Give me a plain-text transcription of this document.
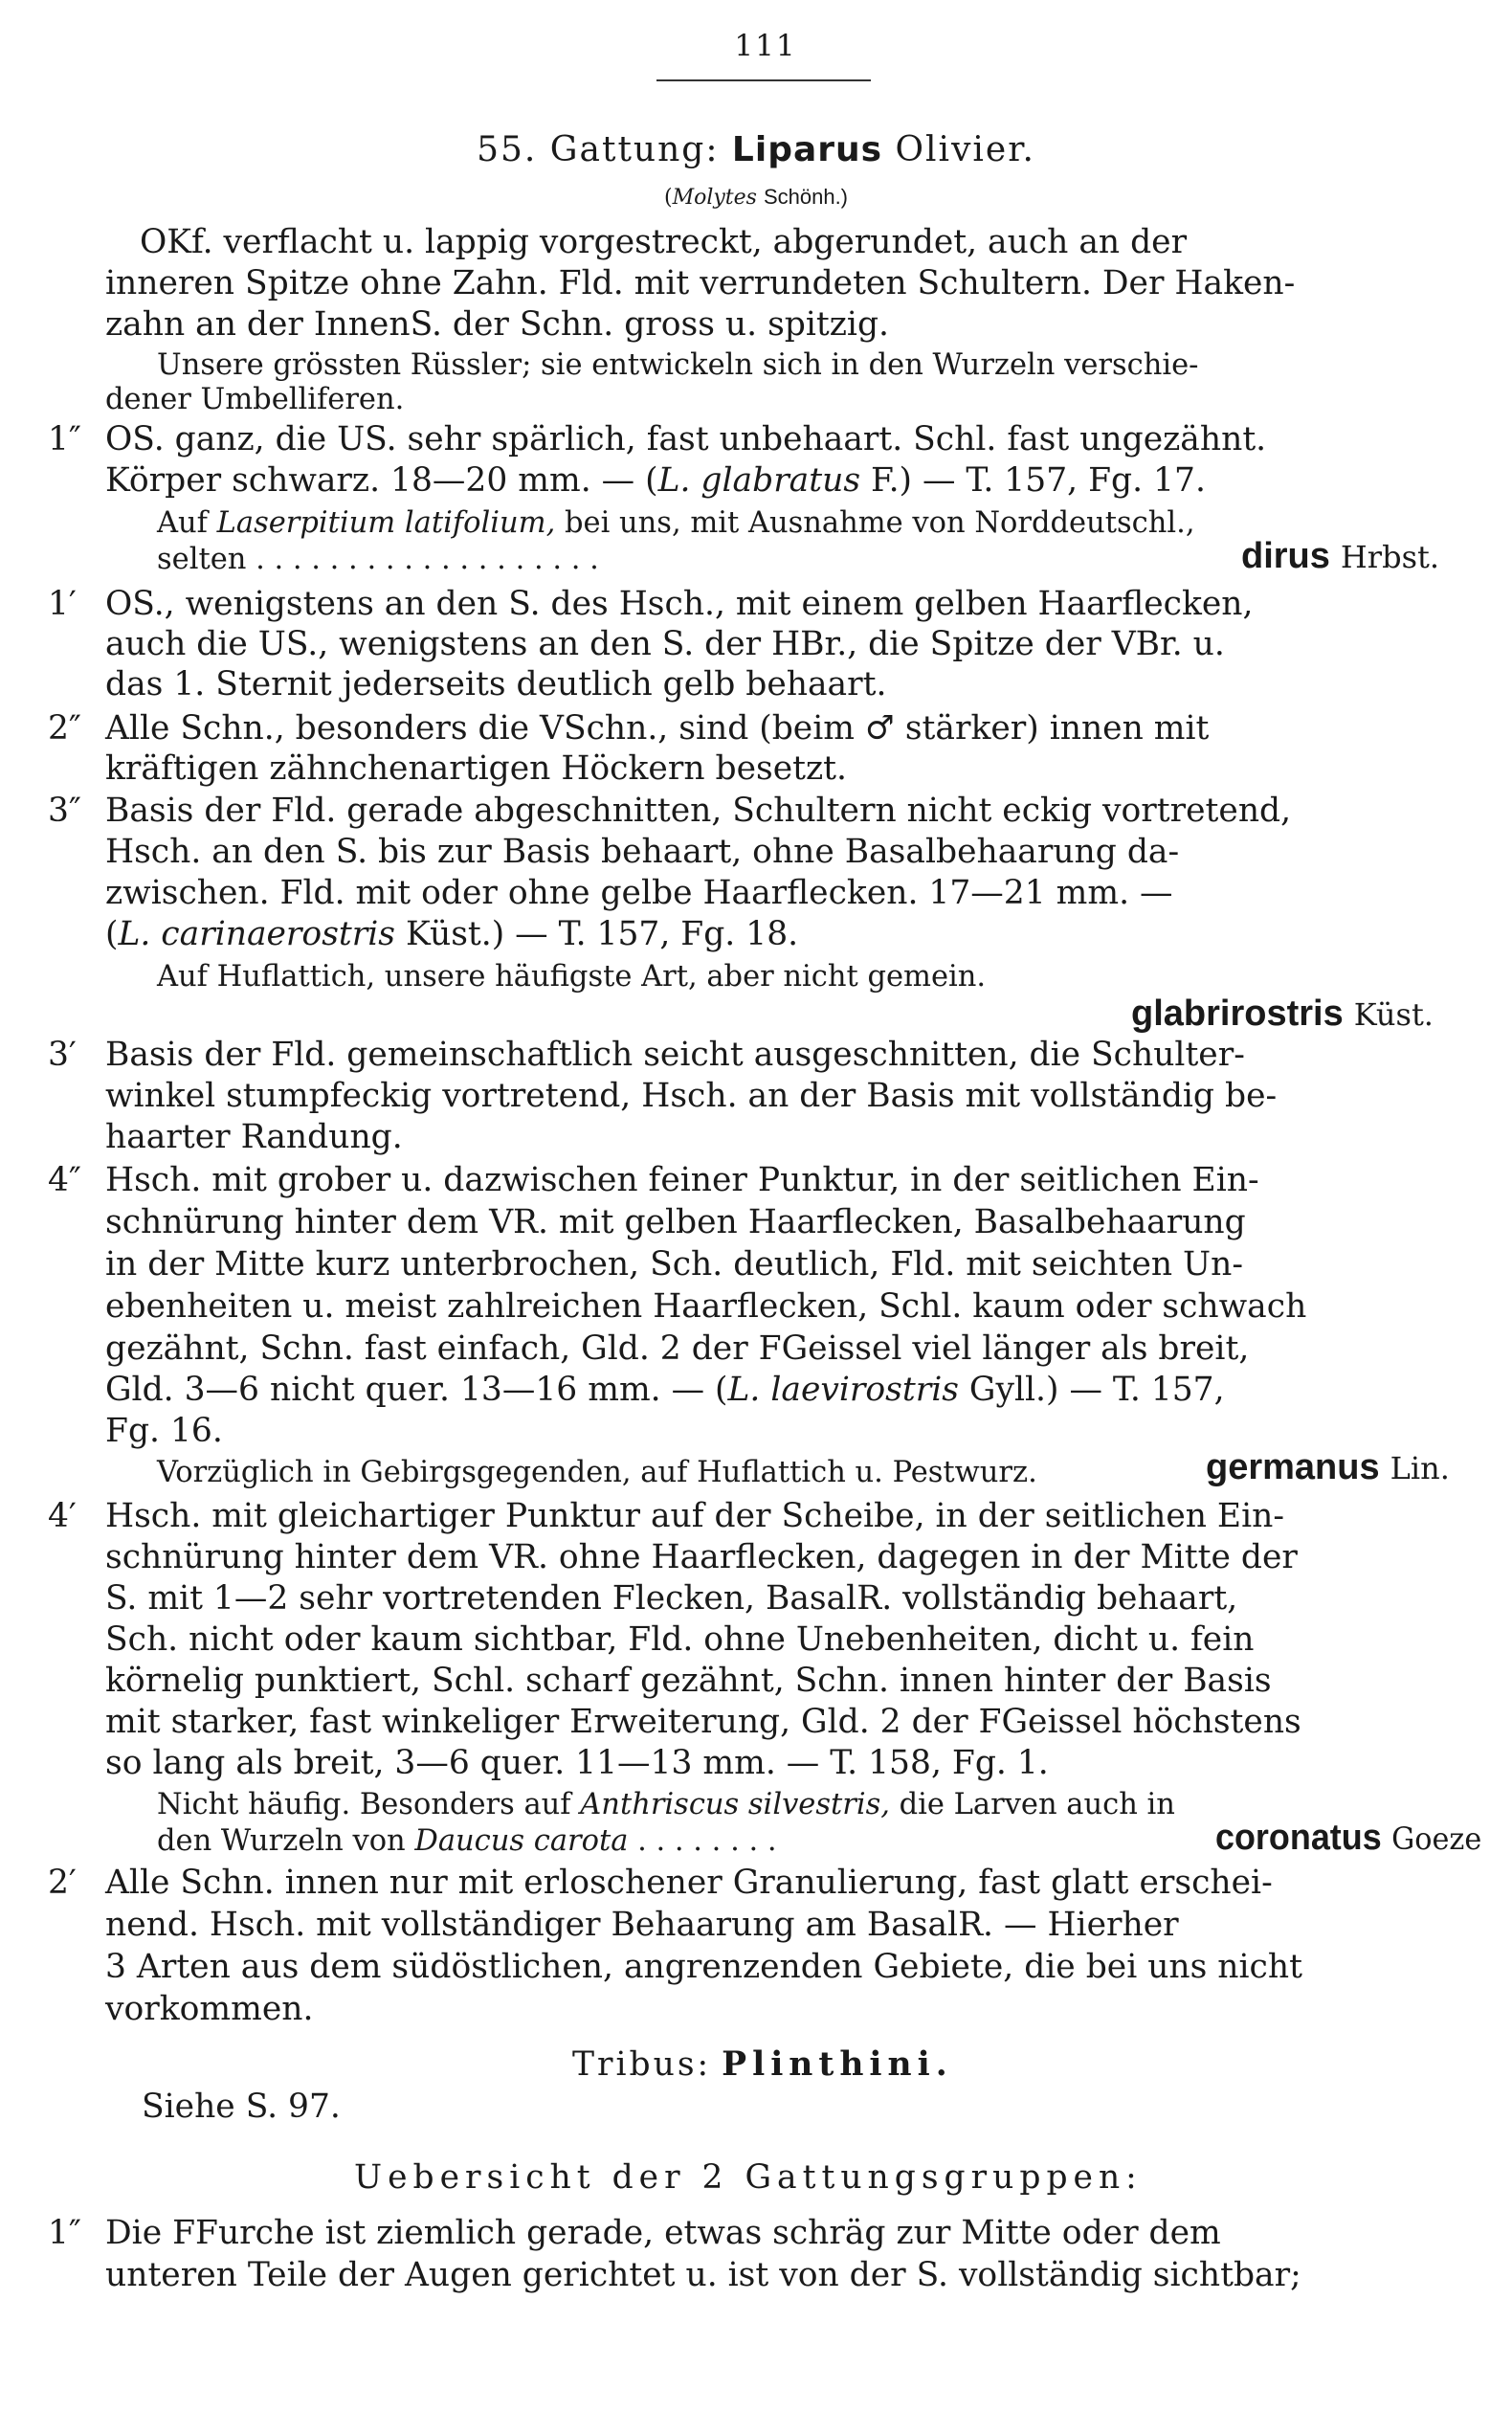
111
55. Gattung: Liparus Olivier.
(Molytes Schönh.)
OKf. verflacht u. lappig vorgestreckt, abgerundet, auch an der
inneren Spitze ohne Zahn. Fld. mit verrundeten Schultern. Der Haken-
zahn an der InnenS. der Schn. gross u. spitzig.
Unsere grössten Rüssler; sie entwickeln sich in den Wurzeln verschie-
dener Umbelliferen.
1″ OS. ganz, die US. sehr spärlich, fast unbehaart. Schl. fast ungezähnt.
Körper schwarz. 18—20 mm. — (L. glabratus F.) — T. 157, Fg. 17.
Auf Laserpitium latifolium, bei uns, mit Ausnahme von Norddeutschl.,
selten . . . . . . . . . . . . . . . . . . .	dirus Hrbst.
1′ OS., wenigstens an den S. des Hsch., mit einem gelben Haarflecken,
auch die US., wenigstens an den S. der HBr., die Spitze der VBr. u.
das 1. Sternit jederseits deutlich gelb behaart.
2″ Alle Schn., besonders die VSchn., sind (beim ♂ stärker) innen mit
kräftigen zähnchenartigen Höckern besetzt.
3″ Basis der Fld. gerade abgeschnitten, Schultern nicht eckig vortretend,
Hsch. an den S. bis zur Basis behaart, ohne Basalbehaarung da-
zwischen. Fld. mit oder ohne gelbe Haarflecken. 17—21 mm. —
(L. carinaerostris Küst.) — T. 157, Fg. 18.
Auf Huflattich, unsere häufigste Art, aber nicht gemein.
glabrirostris Küst.
3′ Basis der Fld. gemeinschaftlich seicht ausgeschnitten, die Schulter-
winkel stumpfeckig vortretend, Hsch. an der Basis mit vollständig be-
haarter Randung.
4″ Hsch. mit grober u. dazwischen feiner Punktur, in der seitlichen Ein-
schnürung hinter dem VR. mit gelben Haarflecken, Basalbehaarung
in der Mitte kurz unterbrochen, Sch. deutlich, Fld. mit seichten Un-
ebenheiten u. meist zahlreichen Haarflecken, Schl. kaum oder schwach
gezähnt, Schn. fast einfach, Gld. 2 der FGeissel viel länger als breit,
Gld. 3—6 nicht quer. 13—16 mm. — (L. laevirostris Gyll.) — T. 157,
Fg. 16.
Vorzüglich in Gebirgsgegenden, auf Huflattich u. Pestwurz.	germanus Lin.
4′ Hsch. mit gleichartiger Punktur auf der Scheibe, in der seitlichen Ein-
schnürung hinter dem VR. ohne Haarflecken, dagegen in der Mitte der
S. mit 1—2 sehr vortretenden Flecken, BasalR. vollständig behaart,
Sch. nicht oder kaum sichtbar, Fld. ohne Unebenheiten, dicht u. fein
körnelig punktiert, Schl. scharf gezähnt, Schn. innen hinter der Basis
mit starker, fast winkeliger Erweiterung, Gld. 2 der FGeissel höchstens
so lang als breit, 3—6 quer. 11—13 mm. — T. 158, Fg. 1.
Nicht häufig. Besonders auf Anthriscus silvestris, die Larven auch in
den Wurzeln von Daucus carota . . . . . . . .	coronatus Goeze
2′ Alle Schn. innen nur mit erloschener Granulierung, fast glatt erschei-
nend. Hsch. mit vollständiger Behaarung am BasalR. — Hierher
3 Arten aus dem südöstlichen, angrenzenden Gebiete, die bei uns nicht
vorkommen.
Tribus: Plinthini.
Siehe S. 97.
Uebersicht der 2 Gattungsgruppen:
1″ Die FFurche ist ziemlich gerade, etwas schräg zur Mitte oder dem
unteren Teile der Augen gerichtet u. ist von der S. vollständig sichtbar;
